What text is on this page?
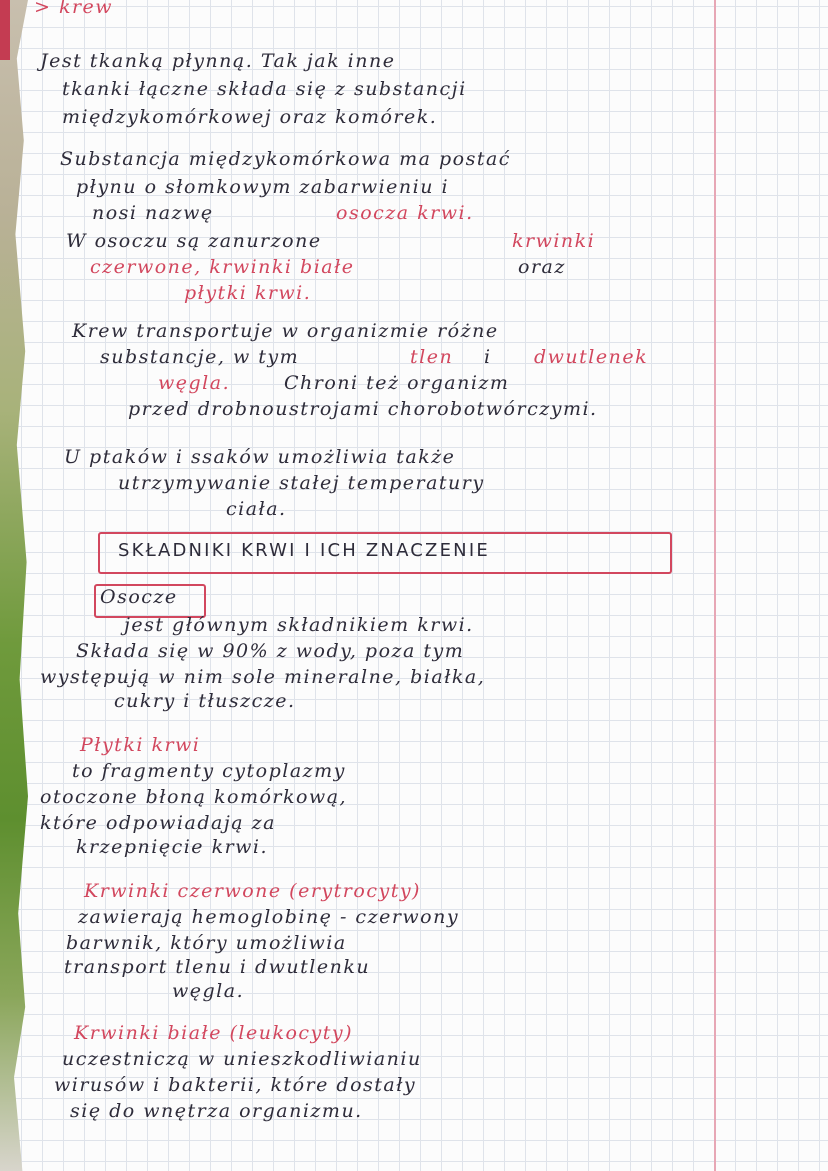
> krew
Jest tkanką płynną. Tak jak inne
tkanki łączne składa się z substancji
międzykomórkowej oraz komórek.
Substancja międzykomórkowa ma postać
płynu o słomkowym zabarwieniu i
nosi nazwę	osocza krwi.
W osoczu są zanurzone	krwinki
czerwone, krwinki białe	oraz
płytki krwi.
Krew transportuje w organizmie różne
substancje, w tym	tlen i dwutlenek
węgla.	Chroni też organizm
przed drobnoustrojami chorobotwórczymi.
U ptaków i ssaków umożliwia także
utrzymywanie stałej temperatury
ciała.
SKŁADNIKI KRWI I ICH ZNACZENIE
Osocze
jest głównym składnikiem krwi.
Składa się w 90% z wody, poza tym
występują w nim sole mineralne, białka,
cukry i tłuszcze.
Płytki krwi
to fragmenty cytoplazmy
otoczone błoną komórkową,
które odpowiadają za
krzepnięcie krwi.
Krwinki czerwone (erytrocyty)
zawierają hemoglobinę - czerwony
barwnik, który umożliwia
transport tlenu i dwutlenku
węgla.
Krwinki białe (leukocyty)
uczestniczą w unieszkodliwianiu
wirusów i bakterii, które dostały
się do wnętrza organizmu.
